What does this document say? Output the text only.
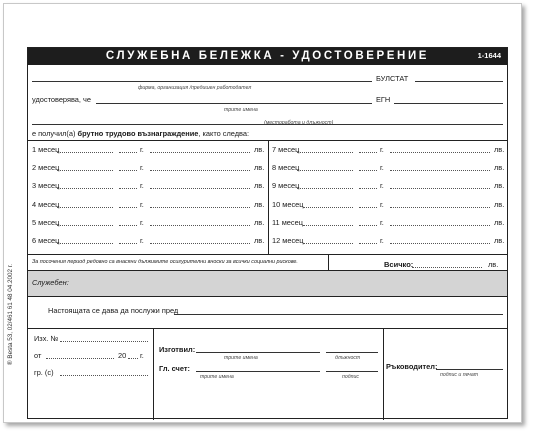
СЛУЖЕБНА БЕЛЕЖКА - УДОСТОВЕРЕНИЕ	1-1644
БУЛСТАТ
фирма, организация /предишен работодател
удостоверява, че	ЕГН
трите имена
(месторабота и длъжност)
е получил(а) брутно трудово възнаграждение, както следва:
1 месец	г.	лв.
2 месец	г.	лв.
3 месец	г.	лв.
4 месец	г.	лв.
5 месец	г.	лв.
6 месец	г.	лв.
7 месец	г.	лв.
8 месец	г.	лв.
9 месец	г.	лв.
10 месец	г.	лв.
11 месец	г.	лв.
12 месец	г.	лв.
За посочения период редовно са внасяни дължимите осигурителни вноски за всички социални рискове.	Всичко:	лв.
Служебен:
Настоящата се дава да послужи пред
Изх. №
от	20 г.
гр. (с)
Изготвил:
трите имена	длъжност
Гл. счет:
трите имена	подпис
Ръководител:
подпис и печат
® Bestа 53, 02/461 61 48 04.2002 г.
